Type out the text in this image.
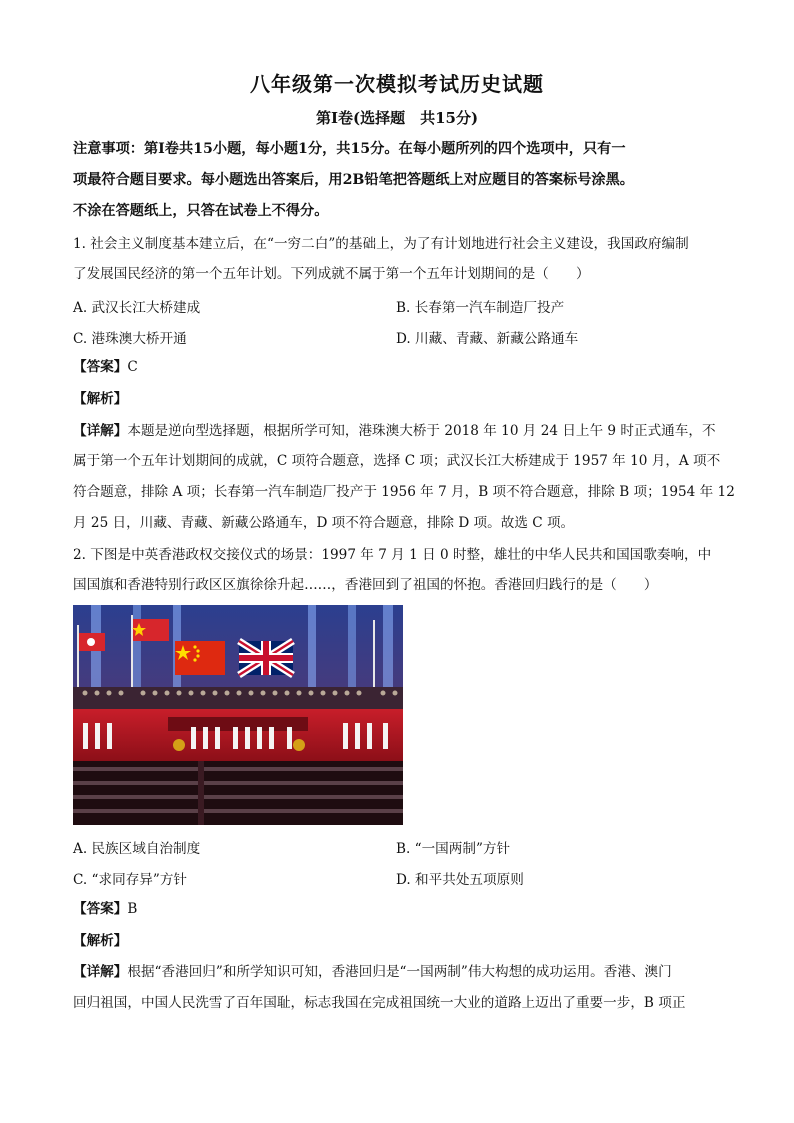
八年级第一次模拟考试历史试题
第Ⅰ卷(选择题　共15分)
注意事项：第Ⅰ卷共15小题，每小题1分，共15分。在每小题所列的四个选项中，只有一
项最符合题目要求。每小题选出答案后，用2B铅笔把答题纸上对应题目的答案标号涂黑。
不涂在答题纸上，只答在试卷上不得分。
1. 社会主义制度基本建立后，在“一穷二白”的基础上，为了有计划地进行社会主义建设，我国政府编制
了发展国民经济的第一个五年计划。下列成就不属于第一个五年计划期间的是（　　）
A. 武汉长江大桥建成	B. 长春第一汽车制造厂投产
C. 港珠澳大桥开通	D. 川藏、青藏、新藏公路通车
【答案】C
【解析】
【详解】本题是逆向型选择题，根据所学可知，港珠澳大桥于 2018 年 10 月 24 日上午 9 时正式通车，不
属于第一个五年计划期间的成就，C 项符合题意，选择 C 项；武汉长江大桥建成于 1957 年 10 月，A 项不
符合题意，排除 A 项；长春第一汽车制造厂投产于 1956 年 7 月，B 项不符合题意，排除 B 项；1954 年 12
月 25 日，川藏、青藏、新藏公路通车，D 项不符合题意，排除 D 项。故选 C 项。
2. 下图是中英香港政权交接仪式的场景：1997 年 7 月 1 日 0 时整，雄壮的中华人民共和国国歌奏响，中
国国旗和香港特别行政区区旗徐徐升起……，香港回到了祖国的怀抱。香港回归践行的是（　　）
A. 民族区域自治制度	B. “一国两制”方针
C. “求同存异”方针	D. 和平共处五项原则
【答案】B
【解析】
【详解】根据“香港回归”和所学知识可知，香港回归是“一国两制”伟大构想的成功运用。香港、澳门
回归祖国，中国人民洗雪了百年国耻，标志我国在完成祖国统一大业的道路上迈出了重要一步，B 项正
